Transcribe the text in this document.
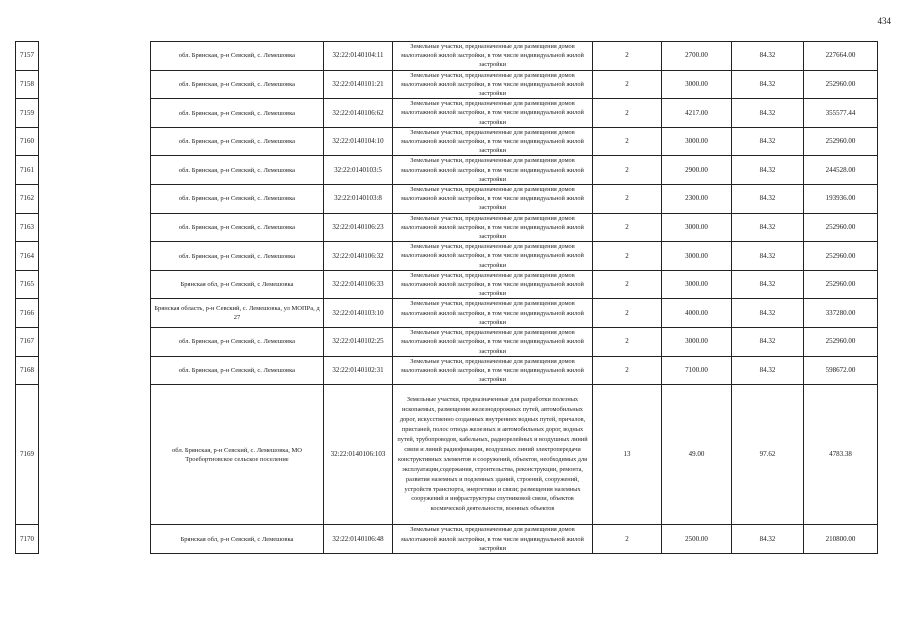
434
7157		обл. Брянская, р-н Севский, с. Лемешовка	32:22:0140104:11	Земельные участки, предназначенные для размещения домов малоэтажной жилой застройки, в том числе индивидуальной жилой застройки	2	2700.00	84.32	227664.00
7158		обл. Брянская, р-н Севский, с. Лемешовка	32:22:0140101:21	Земельные участки, предназначенные для размещения домов малоэтажной жилой застройки, в том числе индивидуальной жилой застройки	2	3000.00	84.32	252960.00
7159		обл. Брянская, р-н Севский, с. Лемешовка	32:22:0140106:62	Земельные участки, предназначенные для размещения домов малоэтажной жилой застройки, в том числе индивидуальной жилой застройки	2	4217.00	84.32	355577.44
7160		обл. Брянская, р-н Севский, с. Лемешовка	32:22:0140104:10	Земельные участки, предназначенные для размещения домов малоэтажной жилой застройки, в том числе индивидуальной жилой застройки	2	3000.00	84.32	252960.00
7161		обл. Брянская, р-н Севский, с. Лемешовка	32:22:0140103:5	Земельные участки, предназначенные для размещения домов малоэтажной жилой застройки, в том числе индивидуальной жилой застройки	2	2900.00	84.32	244528.00
7162		обл. Брянская, р-н Севский, с. Лемешовка	32:22:0140103:8	Земельные участки, предназначенные для размещения домов малоэтажной жилой застройки, в том числе индивидуальной жилой застройки	2	2300.00	84.32	193936.00
7163		обл. Брянская, р-н Севский, с. Лемешовка	32:22:0140106:23	Земельные участки, предназначенные для размещения домов малоэтажной жилой застройки, в том числе индивидуальной жилой застройки	2	3000.00	84.32	252960.00
7164		обл. Брянская, р-н Севский, с. Лемешовка	32:22:0140106:32	Земельные участки, предназначенные для размещения домов малоэтажной жилой застройки, в том числе индивидуальной жилой застройки	2	3000.00	84.32	252960.00
7165		Брянская обл, р-н Севский, с Лемешовка	32:22:0140106:33	Земельные участки, предназначенные для размещения домов малоэтажной жилой застройки, в том числе индивидуальной жилой застройки	2	3000.00	84.32	252960.00
7166		Брянская область, р-н Севский, с. Лемешовка, ул МОПРа, д 27	32:22:0140103:10	Земельные участки, предназначенные для размещения домов малоэтажной жилой застройки, в том числе индивидуальной жилой застройки	2	4000.00	84.32	337280.00
7167		обл. Брянская, р-н Севский, с. Лемешовка	32:22:0140102:25	Земельные участки, предназначенные для размещения домов малоэтажной жилой застройки, в том числе индивидуальной жилой застройки	2	3000.00	84.32	252960.00
7168		обл. Брянская, р-н Севский, с. Лемешовка	32:22:0140102:31	Земельные участки, предназначенные для размещения домов малоэтажной жилой застройки, в том числе индивидуальной жилой застройки	2	7100.00	84.32	598672.00
7169		обл. Брянская, р-н Севский, с. Лемешовка, МО Троебортновское сельское поселение	32:22:0140106:103	Земельные участки, предназначенные для разработки полезных ископаемых, размещения железнодорожных путей, автомобильных дорог, искусственно созданных внутренних водных путей, причалов, пристаней, полос отвода железных и автомобильных дорог, водных путей, трубопроводов, кабельных, радиорелейных и воздушных линий связи и линий радиофикации, воздушных линий электропередачи конструктивных элементов и сооружений, объектов, необходимых для эксплуатации,содержания, строительства, реконструкции, ремонта, развития наземных и подземных зданий, строений, сооружений, устройств транспорта, энергетики и связи; размещения наземных сооружений и инфраструктуры спутниковой связи, объектов космической деятельности, военных объектов	13	49.00	97.62	4783.38
7170		Брянская обл, р-н Севский, с Лемешовка	32:22:0140106:48	Земельные участки, предназначенные для размещения домов малоэтажной жилой застройки, в том числе индивидуальной жилой застройки	2	2500.00	84.32	210800.00
